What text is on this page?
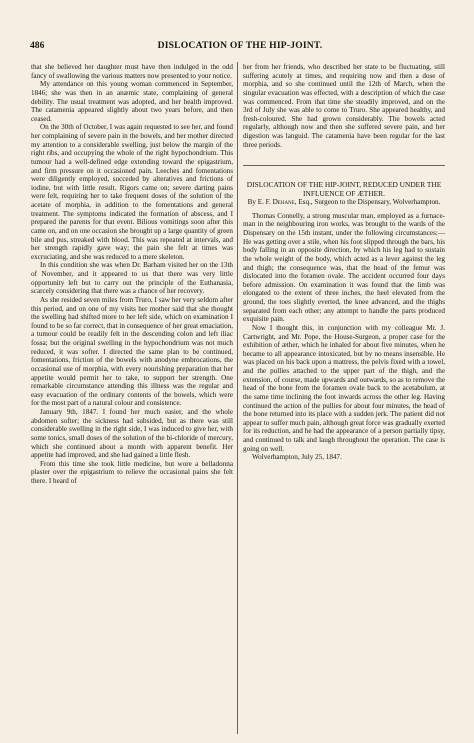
486	DISLOCATION OF THE HIP-JOINT.

that she believed her daughter must have then indulged in the odd fancy of swallowing the various matters now presented to your notice.

My attendance on this young woman commenced in September, 1846; she was then in an anæmic state, complaining of general debility. The usual treatment was adopted, and her health improved. The catamenia appeared slightly about two years before, and then ceased.

On the 30th of October, I was again requested to see her, and found her complaining of severe pain in the bowels, and her mother directed my attention to a considerable swelling, just below the margin of the right ribs, and occupying the whole of the right hypochondrium. This tumour had a well-defined edge extending toward the epigastrium, and firm pressure on it occasioned pain. Leeches and fomentations were diligently employed, succeded by alteratives and frictions of iodine, but with little result. Rigors came on; severe darting pains were felt, requiring her to take frequent doses of the solution of the acetate of morphia, in addition to the fomentations and general treatment. The symptoms indicated the formation of abscess, and I prepared the parents for that event. Bilious vomitings soon after this came on, and on one occasion she brought up a large quantity of green bile and pus, streaked with blood. This was repeated at intervals, and her strength rapidly gave way; the pain she felt at times was excruciating, and she was reduced to a mere skeleton.

In this condition she was when Dr. Barham visited her on the 13th of November, and it appeared to us that there was very little opportunity left but to carry out the principle of the Euthanasia, scarcely considering that there was a chance of her recovery.

As she resided seven miles from Truro, I saw her very seldom after this period, and on one of my visits her mother said that she thought the swelling had shifted more to her left side, which on examination I found to be so far correct, that in consequence of her great emaciation, a tumour could be readily felt in the descending colon and left iliac fossa; but the original swelling in the hypochondrium was not much reduced, it was softer. I directed the same plan to be continued, fomentations, friction of the bowels with anodyne embrocations, the occasional use of morphia, with every nourishing preparation that her appetite would permit her to take, to support her strength. One remarkable circumstance attending this illness was the regular and easy evacuation of the ordinary contents of the bowels, which were for the most part of a natural colour and consistence.

January 9th, 1847. I found her much easier, and the whole abdomen softer; the sickness had subsided, but as there was still considerable swelling in the right side, I was induced to give her, with some tonics, small doses of the solution of the bi-chloride of mercury, which she continued about a month with apparent benefit. Her appetite had improved, and she had gained a little flesh.

From this time she took little medicine, but wore a belladonna plaster over the epigastrium to relieve the occasional pains she felt there. I heard of

her from her friends, who described her state to be fluctuating, still suffering acutely at times, and requiring now and then a dose of morphia, and so she continued until the 12th of March, when the singular evacuation was effected, with a description of which the case was commenced. From that time she steadily improved, and on the 3rd of July she was able to come to Truro. She appeared healthy, and fresh-coloured. She had grown considerably. The bowels acted regularly, although now and then she suffered severe pain, and her digestion was languid. The catamenia have been regular for the last three periods.

DISLOCATION OF THE HIP-JOINT, REDUCED UNDER THE INFLUENCE OF ÆTHER.

By E. F. Dehane, Esq., Surgeon to the Dispensary, Wolverhampton.

Thomas Connelly, a strong muscular man, employed as a furnace-man in the neighbouring iron works, was brought to the wards of the Dispensary on the 15th instant, under the following circumstances:—He was getting over a stile, when his foot slipped through the bars, his body falling in an opposite direction, by which his leg had to sustain the whole weight of the body, which acted as a lever against the leg and thigh; the consequence was, that the head of the femur was dislocated into the foramen ovale. The accident occurred four days before admission. On examination it was found that the limb was elongated to the extent of three inches, the heel elevated from the ground, the toes slightly everted, the knee advanced, and the thighs separated from each other; any attempt to handle the parts produced exquisite pain.

Now I thought this, in conjunction with my colleague Mr. J. Cartwright, and Mr. Pope, the House-Surgeon, a proper case for the exhibition of æther, which he inhaled for about five minutes, when he became to all appearance intoxicated, but by no means insensible. He was placed on his back upon a mattress, the pelvis fixed with a towel, and the pullies attached to the upper part of the thigh, and the extension, of course, made upwards and outwards, so as to remove the head of the bone from the foramen ovale back to the acetabulum, at the same time inclining the foot inwards across the other leg. Having continued the action of the pullies for about four minutes, the head of the bone returned into its place with a sudden jerk. The patient did not appear to suffer much pain, although great force was gradually exerted for its reduction, and he had the appearance of a person partially tipsy, and continued to talk and laugh throughout the operation. The case is going on well.

Wolverhampton, July 25, 1847.
